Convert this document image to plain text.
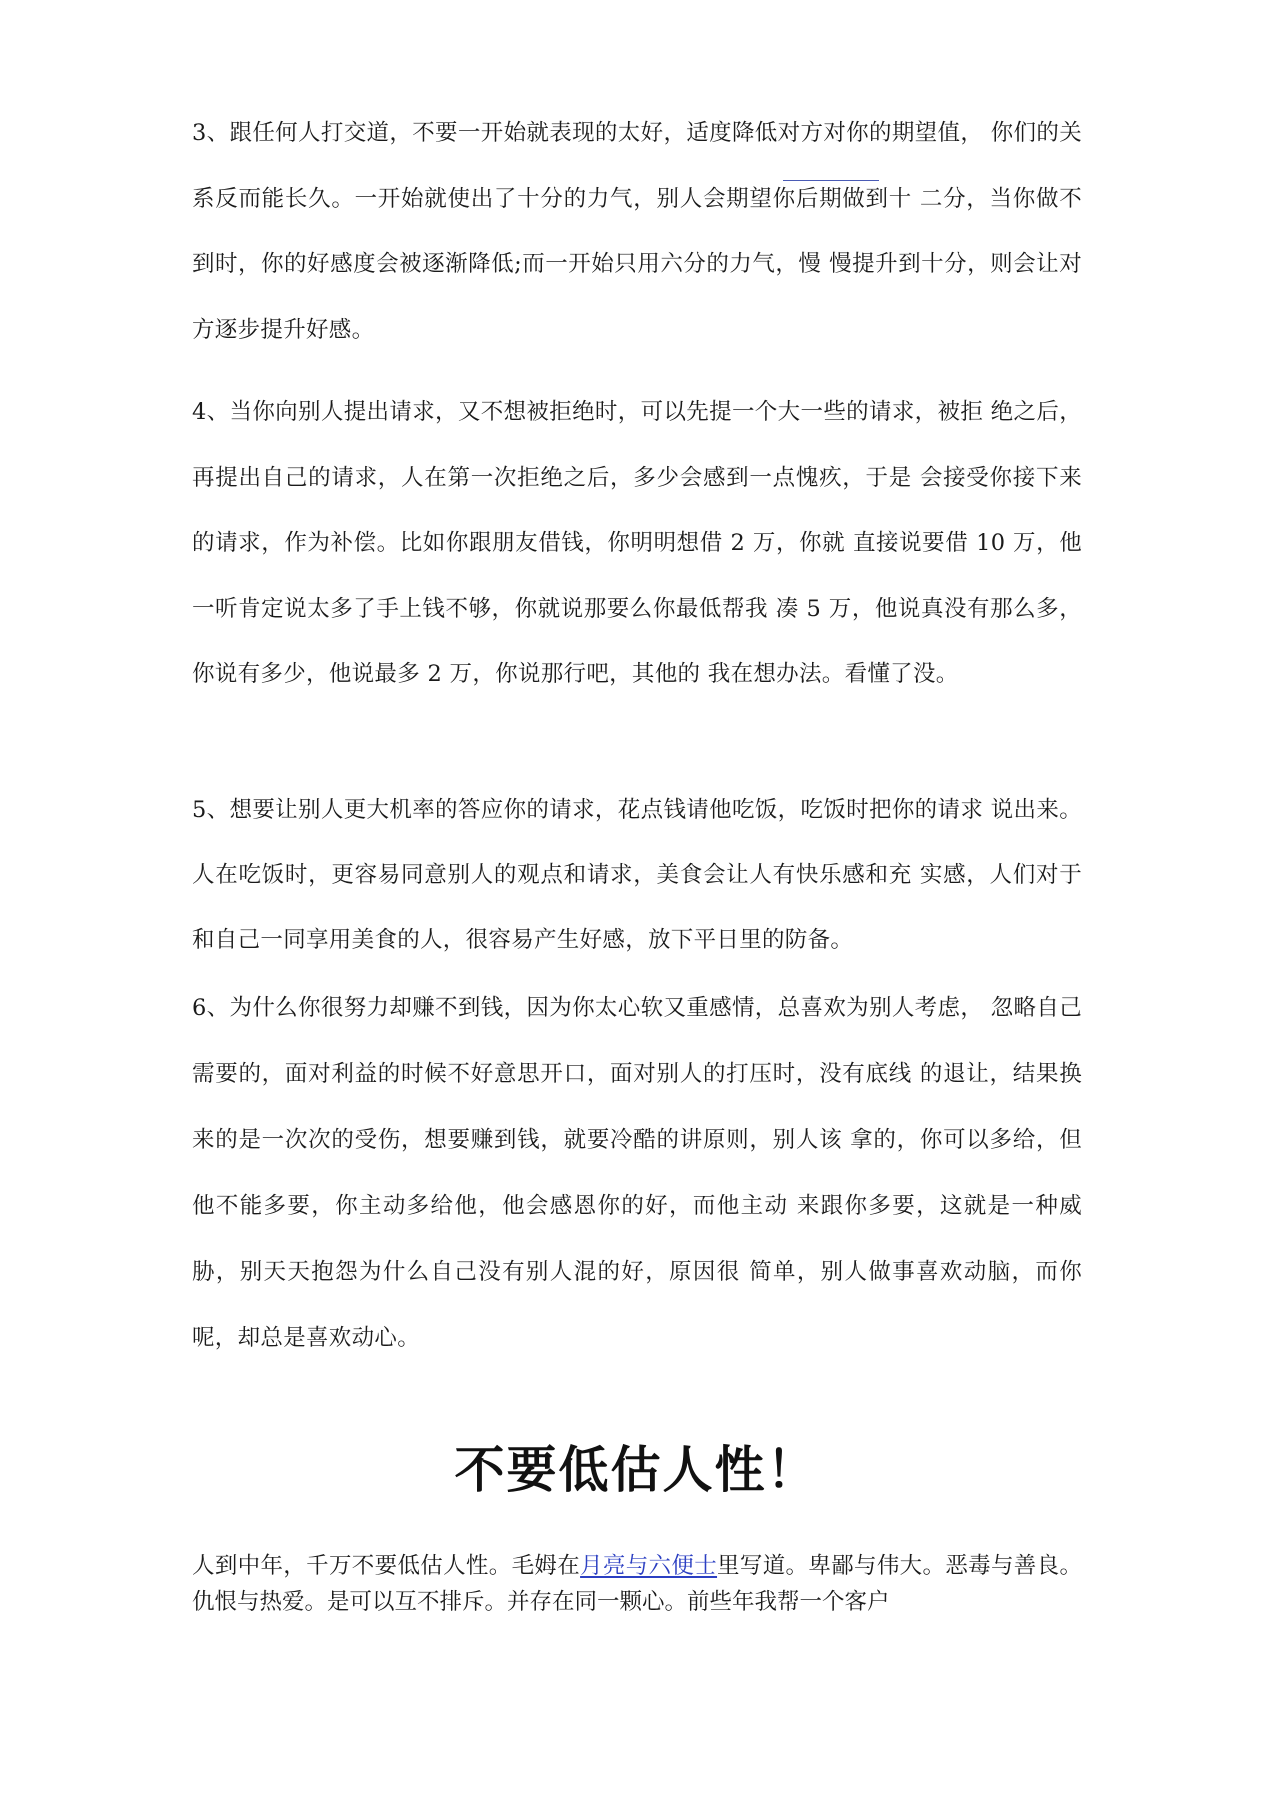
3、跟任何人打交道，不要一开始就表现的太好，适度降低对方对你的期望值， 你们的关系反而能长久。一开始就使出了十分的力气，别人会期望你后期做到十 二分，当你做不到时，你的好感度会被逐渐降低;而一开始只用六分的力气，慢 慢提升到十分，则会让对方逐步提升好感。

4、当你向别人提出请求，又不想被拒绝时，可以先提一个大一些的请求，被拒 绝之后，再提出自己的请求，人在第一次拒绝之后，多少会感到一点愧疚，于是 会接受你接下来的请求，作为补偿。比如你跟朋友借钱，你明明想借 2 万，你就 直接说要借 10 万，他一听肯定说太多了手上钱不够，你就说那要么你最低帮我 凑 5 万，他说真没有那么多，你说有多少，他说最多 2 万，你说那行吧，其他的 我在想办法。看懂了没。

5、想要让别人更大机率的答应你的请求，花点钱请他吃饭，吃饭时把你的请求 说出来。人在吃饭时，更容易同意别人的观点和请求，美食会让人有快乐感和充 实感，人们对于和自己一同享用美食的人，很容易产生好感，放下平日里的防备。

6、为什么你很努力却赚不到钱，因为你太心软又重感情，总喜欢为别人考虑， 忽略自己需要的，面对利益的时候不好意思开口，面对别人的打压时，没有底线 的退让，结果换来的是一次次的受伤，想要赚到钱，就要冷酷的讲原则，别人该 拿的，你可以多给，但他不能多要，你主动多给他，他会感恩你的好，而他主动 来跟你多要，这就是一种威胁，别天天抱怨为什么自己没有别人混的好，原因很 简单，别人做事喜欢动脑，而你呢，却总是喜欢动心。

不要低估人性！

人到中年，千万不要低估人性。毛姆在月亮与六便士里写道。卑鄙与伟大。恶毒与善良。仇恨与热爱。是可以互不排斥。并存在同一颗心。前些年我帮一个客户
